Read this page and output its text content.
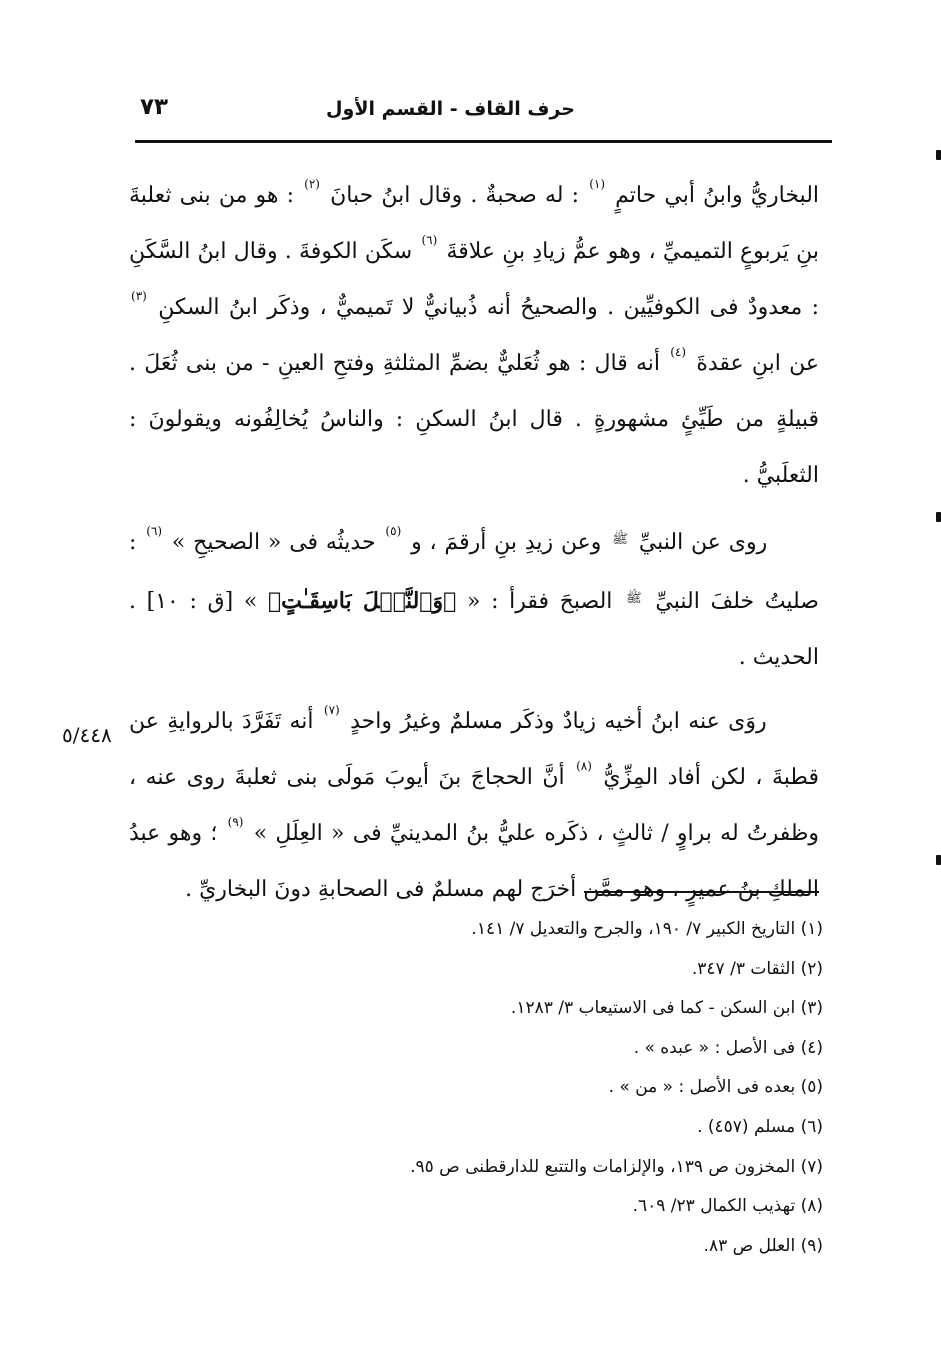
حرف القاف - القسم الأول
٧٣

البخاريُّ وابنُ أبي حاتمٍ (١) : له صحبةٌ . وقال ابنُ حبانَ (٢) : هو من بنى ثعلبةَ بنِ يَربوعٍ التميميِّ ، وهو عمُّ زيادِ بنِ علاقةَ (٦) سكَن الكوفةَ . وقال ابنُ السَّكَنِ : معدودٌ فى الكوفيِّين . والصحيحُ أنه ذُبيانيٌّ لا تَميميٌّ ، وذكَر ابنُ السكنِ (٣) عن ابنِ عقدةَ (٤) أنه قال : هو ثُعَليٌّ بضمِّ المثلثةِ وفتحِ العينِ - من بنى ثُعَلَ . قبيلةٍ من طَيِّئٍ مشهورةٍ . قال ابنُ السكنِ : والناسُ يُخالِفُونه ويقولونَ : الثعلَبيُّ .

روى عن النبيِّ ﷺ وعن زيدِ بنِ أرقمَ ، و (٥) حديثُه فى « الصحيحِ » (٦) : صليتُ خلفَ النبيِّ ﷺ الصبحَ فقرأ : « ﴿وَٱلنَّخۡلَ بَاسِقَـٰتٍ﴾ » [ق : ١٠] . الحديث .

روَى عنه ابنُ أخيه زيادٌ وذكَر مسلمٌ وغيرُ واحدٍ (٧) أنه تَفَرَّدَ بالروايةِ عن قطبةَ ، لكن أفاد المِزِّيُّ (٨) أنَّ الحجاجَ بنَ أيوبَ مَولَى بنى ثعلبةَ روى عنه ، وظفرتُ له براوٍ / ثالثٍ ، ذكَره عليُّ بنُ المدينيِّ فى « العِلَلِ » (٩) ؛ وهو عبدُ الملكِ بنُ عميرٍ ، وهو ممَّن أخرَج لهم مسلمٌ فى الصحابةِ دونَ البخاريِّ .

٥/٤٤٨
(١) التاريخ الكبير ٧/ ١٩٠، والجرح والتعديل ٧/ ١٤١.
(٢) الثقات ٣/ ٣٤٧.
(٣) ابن السكن - كما فى الاستيعاب ٣/ ١٢٨٣.
(٤) فى الأصل : « عبده » .
(٥) بعده فى الأصل : « من » .
(٦) مسلم (٤٥٧) .
(٧) المخزون ص ١٣٩، والإلزامات والتتبع للدارقطنى ص ٩٥.
(٨) تهذيب الكمال ٢٣/ ٦٠٩.
(٩) العلل ص ٨٣.
